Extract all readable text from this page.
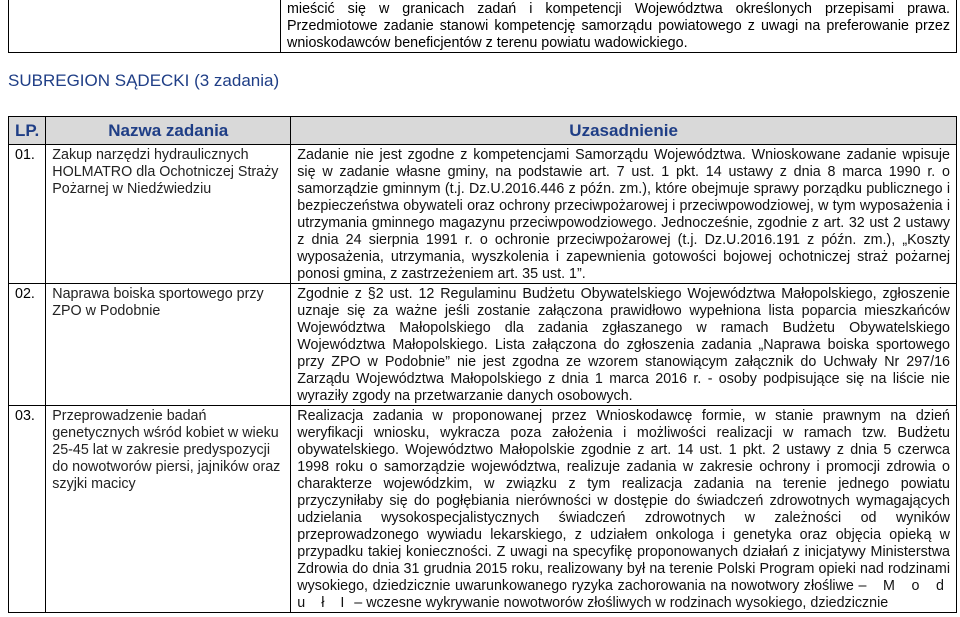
	mieścić się w granicach zadań i kompetencji Województwa określonych przepisami prawa. Przedmiotowe zadanie stanowi kompetencję samorządu powiatowego z uwagi na preferowanie przez wnioskodawców beneficjentów z terenu powiatu wadowickiego.
SUBREGION SĄDECKI (3 zadania)
LP.	Nazwa zadania	Uzasadnienie
01.	Zakup narzędzi hydraulicznych HOLMATRO dla Ochotniczej Straży Pożarnej w Niedźwiedziu	Zadanie nie jest zgodne z kompetencjami Samorządu Województwa. Wnioskowane zadanie wpisuje się w zadanie własne gminy, na podstawie art. 7 ust. 1 pkt. 14 ustawy z dnia 8 marca 1990 r. o samorządzie gminnym (t.j. Dz.U.2016.446 z późn. zm.), które obejmuje sprawy porządku publicznego i bezpieczeństwa obywateli oraz ochrony przeciwpożarowej i przeciwpowodziowej, w tym wyposażenia i utrzymania gminnego magazynu przeciwpowodziowego. Jednocześnie, zgodnie z art. 32 ust 2 ustawy z dnia 24 sierpnia 1991 r. o ochronie przeciwpożarowej (t.j. Dz.U.2016.191 z późn. zm.), „Koszty wyposażenia, utrzymania, wyszkolenia i zapewnienia gotowości bojowej ochotniczej straż pożarnej ponosi gmina, z zastrzeżeniem art. 35 ust. 1”.
02.	Naprawa boiska sportowego przy ZPO w Podobnie	Zgodnie z §2 ust. 12 Regulaminu Budżetu Obywatelskiego Województwa Małopolskiego, zgłoszenie uznaje się za ważne jeśli zostanie załączona prawidłowo wypełniona lista poparcia mieszkańców Województwa Małopolskiego dla zadania zgłaszanego w ramach Budżetu Obywatelskiego Województwa Małopolskiego. Lista załączona do zgłoszenia zadania „Naprawa boiska sportowego przy ZPO w Podobnie” nie jest zgodna ze wzorem stanowiącym załącznik do Uchwały Nr 297/16 Zarządu Województwa Małopolskiego z dnia 1 marca 2016 r. - osoby podpisujące się na liście nie wyraziły zgody na przetwarzanie danych osobowych.
03.	Przeprowadzenie badań genetycznych wśród kobiet w wieku 25-45 lat w zakresie predyspozycji do nowotworów piersi, jajników oraz szyjki macicy	Realizacja zadania w proponowanej przez Wnioskodawcę formie, w stanie prawnym na dzień weryfikacji wniosku, wykracza poza założenia i możliwości realizacji w ramach tzw. Budżetu obywatelskiego. Województwo Małopolskie zgodnie z art. 14 ust. 1 pkt. 2 ustawy z dnia 5 czerwca 1998 roku o samorządzie województwa, realizuje zadania w zakresie ochrony i promocji zdrowia o charakterze wojewódzkim, w związku z tym realizacja zadania na terenie jednego powiatu przyczyniłaby się do pogłębiania nierówności w dostępie do świadczeń zdrowotnych wymagających udzielania wysokospecjalistycznych świadczeń zdrowotnych w zależności od wyników przeprowadzonego wywiadu lekarskiego, z udziałem onkologa i genetyka oraz objęcia opieką w przypadku takiej konieczności. Z uwagi na specyfikę proponowanych działań z inicjatywy Ministerstwa Zdrowia do dnia 31 grudnia 2015 roku, realizowany był na terenie Polski Program opieki nad rodzinami wysokiego, dziedzicznie uwarunkowanego ryzyka zachorowania na nowotwory złośliwe – M o d u ł I – wczesne wykrywanie nowotworów złośliwych w rodzinach wysokiego, dziedzicznie
